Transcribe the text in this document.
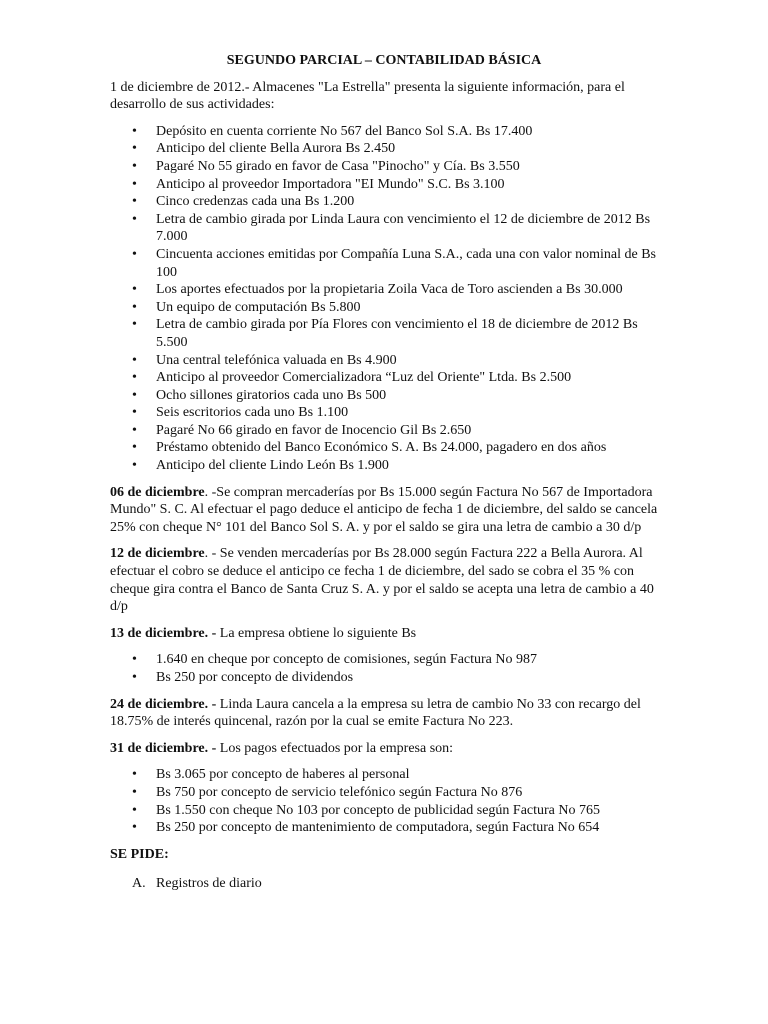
SEGUNDO PARCIAL – CONTABILIDAD BÁSICA

1 de diciembre de 2012.- Almacenes "La Estrella" presenta la siguiente información, para el desarrollo de sus actividades:

• Depósito en cuenta corriente No 567 del Banco Sol S.A. Bs 17.400
• Anticipo del cliente Bella Aurora Bs 2.450
• Pagaré No 55 girado en favor de Casa "Pinocho" y Cía. Bs 3.550
• Anticipo al proveedor Importadora "EI Mundo" S.C. Bs 3.100
• Cinco credenzas cada una Bs 1.200
• Letra de cambio girada por Linda Laura con vencimiento el 12 de diciembre de 2012 Bs 7.000
• Cincuenta acciones emitidas por Compañía Luna S.A., cada una con valor nominal de Bs 100
• Los aportes efectuados por la propietaria Zoila Vaca de Toro ascienden a Bs 30.000
• Un equipo de computación Bs 5.800
• Letra de cambio girada por Pía Flores con vencimiento el 18 de diciembre de 2012 Bs 5.500
• Una central telefónica valuada en Bs 4.900
• Anticipo al proveedor Comercializadora “Luz del Oriente" Ltda. Bs 2.500
• Ocho sillones giratorios cada uno Bs 500
• Seis escritorios cada uno Bs 1.100
• Pagaré No 66 girado en favor de Inocencio Gil Bs 2.650
• Préstamo obtenido del Banco Económico S. A. Bs 24.000, pagadero en dos años
• Anticipo del cliente Lindo León Bs 1.900

06 de diciembre. -Se compran mercaderías por Bs 15.000 según Factura No 567 de Importadora Mundo" S. C. Al efectuar el pago deduce el anticipo de fecha 1 de diciembre, del saldo se cancela 25% con cheque N° 101 del Banco Sol S. A. y por el saldo se gira una letra de cambio a 30 d/p

12 de diciembre. - Se venden mercaderías por Bs 28.000 según Factura 222 a Bella Aurora. Al efectuar el cobro se deduce el anticipo ce fecha 1 de diciembre, del sado se cobra el 35 % con cheque gira contra el Banco de Santa Cruz S. A. y por el saldo se acepta una letra de cambio a 40 d/p

13 de diciembre. - La empresa obtiene lo siguiente Bs

• 1.640 en cheque por concepto de comisiones, según Factura No 987
• Bs 250 por concepto de dividendos

24 de diciembre. - Linda Laura cancela a la empresa su letra de cambio No 33 con recargo del 18.75% de interés quincenal, razón por la cual se emite Factura No 223.

31 de diciembre. - Los pagos efectuados por la empresa son:

• Bs 3.065 por concepto de haberes al personal
• Bs 750 por concepto de servicio telefónico según Factura No 876
• Bs 1.550 con cheque No 103 por concepto de publicidad según Factura No 765
• Bs 250 por concepto de mantenimiento de computadora, según Factura No 654

SE PIDE:

A. Registros de diario
